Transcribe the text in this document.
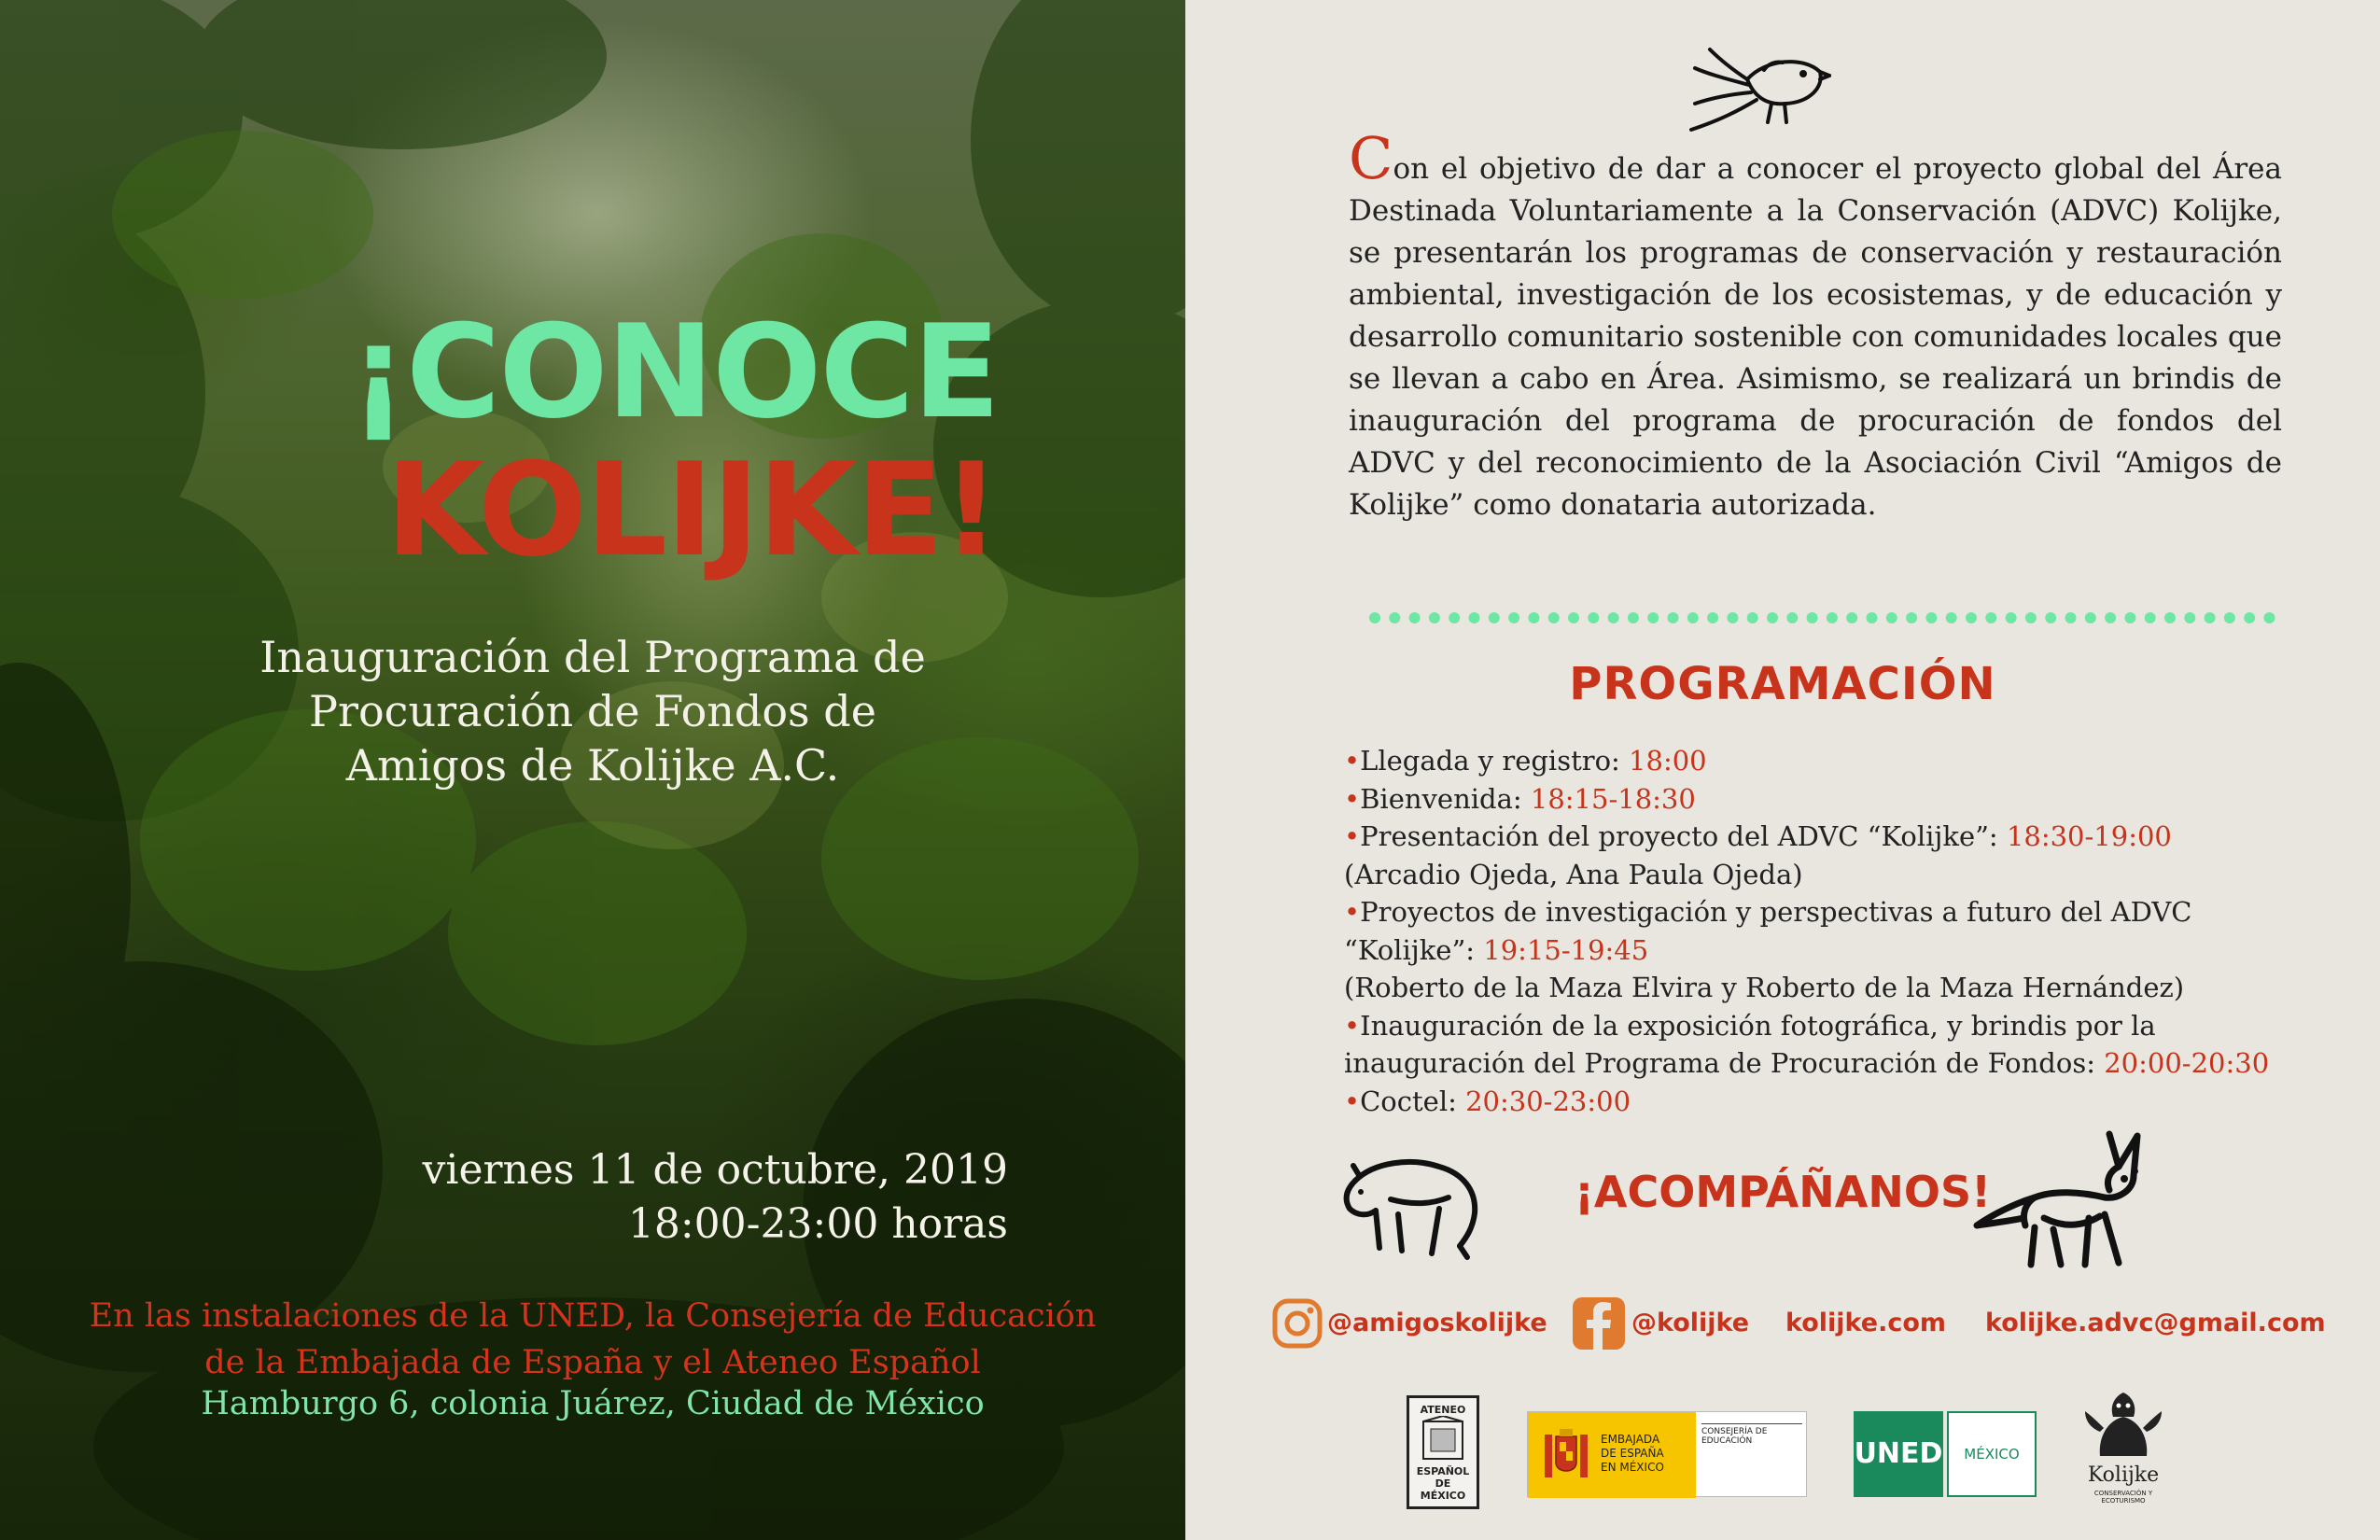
¡CONOCE
KOLIJKE!
Inauguración del Programa de
Procuración de Fondos de
Amigos de Kolijke A.C.
viernes 11 de octubre, 2019
18:00-23:00 horas
En las instalaciones de la UNED, la Consejería de Educación
de la Embajada de España y el Ateneo Español
Hamburgo 6, colonia Juárez, Ciudad de México
Con el objetivo de dar a conocer el proyecto global del Área Destinada Voluntariamente a la Conservación (ADVC) Kolijke, se presentarán los programas de conservación y restauración ambiental, investigación de los ecosistemas, y de educación y desarrollo comunitario sostenible con comunidades locales que se llevan a cabo en Área. Asimismo, se realizará un brindis de inauguración del programa de procuración de fondos del ADVC y del reconocimiento de la Asociación Civil “Amigos de Kolijke” como donataria autorizada.
PROGRAMACIÓN
•Llegada y registro: 18:00
•Bienvenida: 18:15-18:30
•Presentación del proyecto del ADVC “Kolijke”: 18:30-19:00
(Arcadio Ojeda, Ana Paula Ojeda)
•Proyectos de investigación y perspectivas a futuro del ADVC
“Kolijke”: 19:15-19:45
(Roberto de la Maza Elvira y Roberto de la Maza Hernández)
•Inauguración de la exposición fotográfica, y brindis por la
inauguración del Programa de Procuración de Fondos: 20:00-20:30
•Coctel: 20:30-23:00
¡ACOMPÁÑANOS!
@amigoskolijke	@kolijke kolijke.com kolijke.advc@gmail.com
ATENEO
ESPAÑOL
DE
MÉXICO
EMBAJADA
DE ESPAÑA
EN MÉXICO
CONSEJERÍA DE EDUCACIÓN	UNED	MÉXICO
Kolijke
CONSERVACIÓN Y ECOTURISMO
